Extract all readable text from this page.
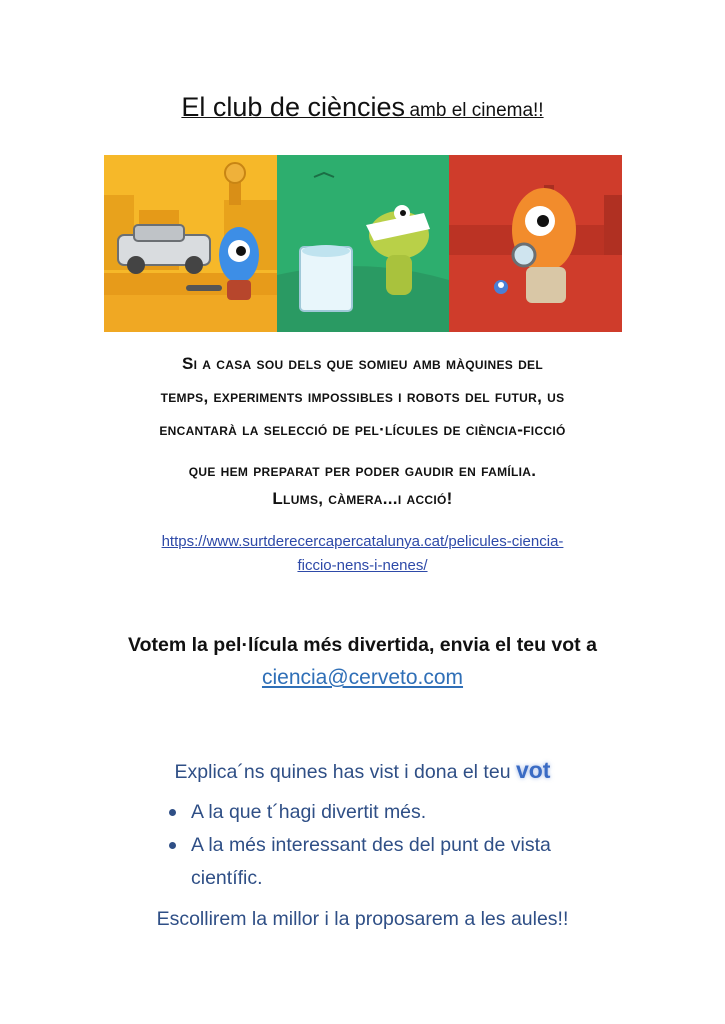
El club de ciències amb el cinema!!
Si a casa sou dels que somieu amb màquines del
temps, experiments impossibles i robots del futur, us
encantarà la selecció de pel·lícules de ciència-ficció
que hem preparat per poder gaudir en família.
Llums, càmera...i acció!
https://www.surtderecercapercatalunya.cat/pelicules-ciencia-
ficcio-nens-i-nenes/
Votem la pel·lícula més divertida, envia el teu vot a
ciencia@cerveto.com
Explica´ns quines has vist i dona el teu vot
A la que t´hagi divertit més.
A la més interessant des del punt de vista
científic.
Escollirem la millor i la proposarem a les aules!!
